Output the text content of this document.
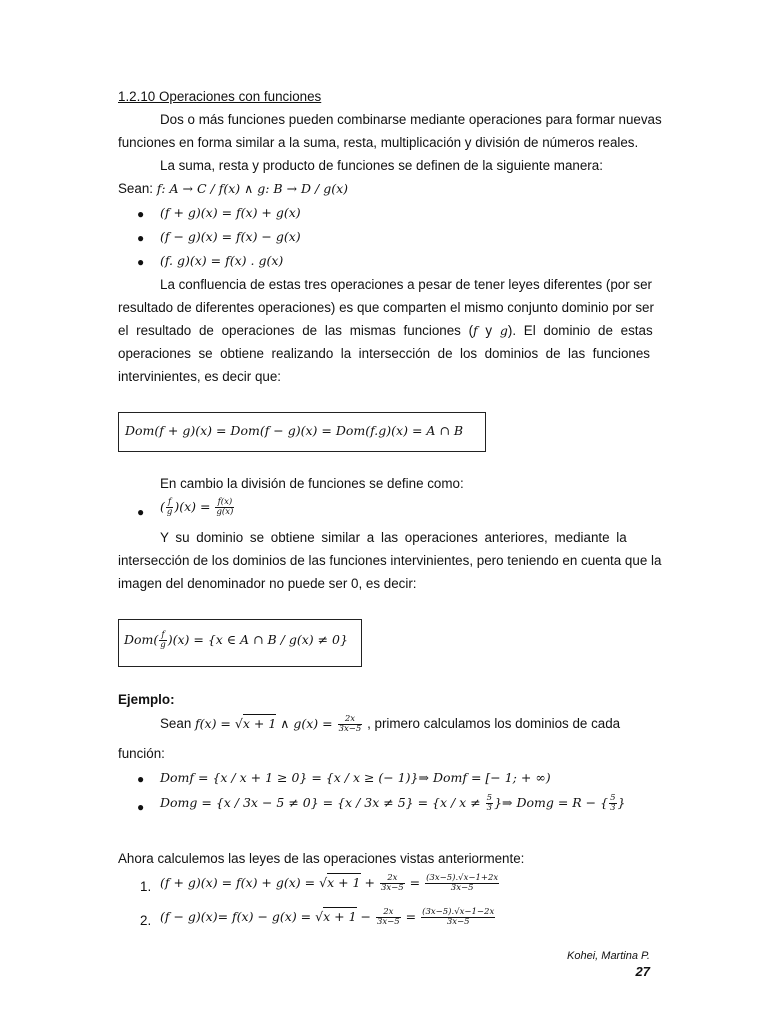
1.2.10 Operaciones con funciones
Dos o más funciones pueden combinarse mediante operaciones para formar nuevas
funciones en forma similar a la suma, resta, multiplicación y división de números reales.
La suma, resta y producto de funciones se definen de la siguiente manera:
Sean: f: A → C / f(x) ∧ g: B → D / g(x)
● (f + g)(x) = f(x) + g(x)
● (f − g)(x) = f(x) − g(x)
● (f. g)(x) = f(x) . g(x)
La confluencia de estas tres operaciones a pesar de tener leyes diferentes (por ser
resultado de diferentes operaciones) es que comparten el mismo conjunto dominio por ser
el resultado de operaciones de las mismas funciones (f y g). El dominio de estas
operaciones se obtiene realizando la intersección de los dominios de las funciones
intervinientes, es decir que:
Dom(f + g)(x) = Dom(f − g)(x) = Dom(f.g)(x) = A ∩ B
En cambio la división de funciones se define como:
● ( $\frac{f}{g} )(x) = \frac{f(x)}{g(x)}$
Y su dominio se obtiene similar a las operaciones anteriores, mediante la
intersección de los dominios de las funciones intervinientes, pero teniendo en cuenta que la
imagen del denominador no puede ser 0, es decir:
$Dom( \frac{f}{g} )(x) = \{x$ ∈ A ∩ B / g(x) ≠ 0}
Ejemplo:
Sean f(x) = √x + 1 ∧ $g(x) = \frac{2x}{3x-5}$ , primero calculamos los dominios de cada
función:
● Domf = {x / x + 1 ≥ 0} = {x / x ≥ (− 1)}⇒ Domf = [− 1; + ∞)
● Domg = $\{x / 3x - 5 \ne 0\} = \{x / 3x \ne 5\} = \{x / x \ne \frac{5}{3}$ }⇒ Domg = R − { $\frac{5}{3}$ }
Ahora calculemos las leyes de las operaciones vistas anteriormente:
1. $(f + g)(x) = f(x) + g(x) = √x + 1 + \frac{2x}{3x-5} = \frac{(3x-5).√x-1+2x}{3x-5}$
2. $(f - g)(x)= f(x) - g(x) = √x + 1 - \frac{2x}{3x-5} = \frac{(3x-5).√x-1-2x}{3x-5}$
Kohei, Martina P.
27
